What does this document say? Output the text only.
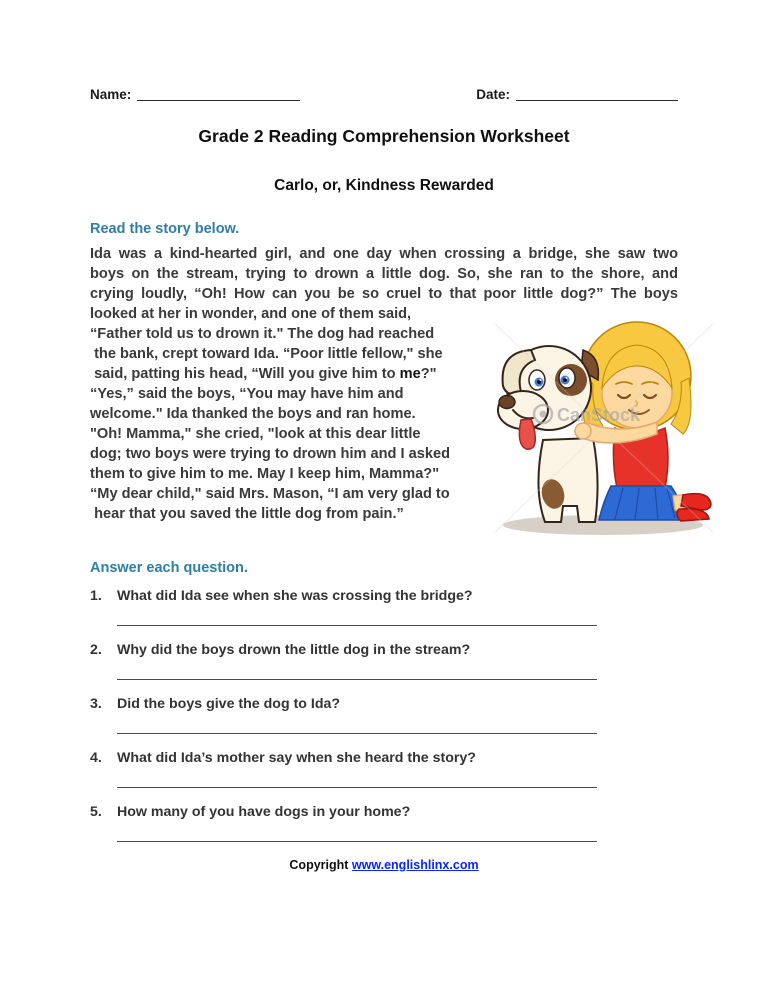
Name:	Date:
Grade 2 Reading Comprehension Worksheet
Carlo, or, Kindness Rewarded
Read the story below.
Ida was a kind-hearted girl, and one day when crossing a bridge, she saw two
boys on the stream, trying to drown a little dog. So, she ran to the shore, and
crying loudly, “Oh! How can you be so cruel to that poor little dog?” The boys
looked at her in wonder, and one of them said,
“Father told us to drown it." The dog had reached
the bank, crept toward Ida. “Poor little fellow," she
said, patting his head, “Will you give him to me?"
“Yes,” said the boys, “You may have him and
welcome." Ida thanked the boys and ran home.
"Oh! Mamma," she cried, "look at this dear little
dog; two boys were trying to drown him and I asked
them to give him to me. May I keep him, Mamma?"
“My dear child," said Mrs. Mason, “I am very glad to
hear that you saved the little dog from pain.”
CanStock
Answer each question.
1.	What did Ida see when she was crossing the bridge?
2.	Why did the boys drown the little dog in the stream?
3.	Did the boys give the dog to Ida?
4.	What did Ida’s mother say when she heard the story?
5.	How many of you have dogs in your home?
Copyright www.englishlinx.com
